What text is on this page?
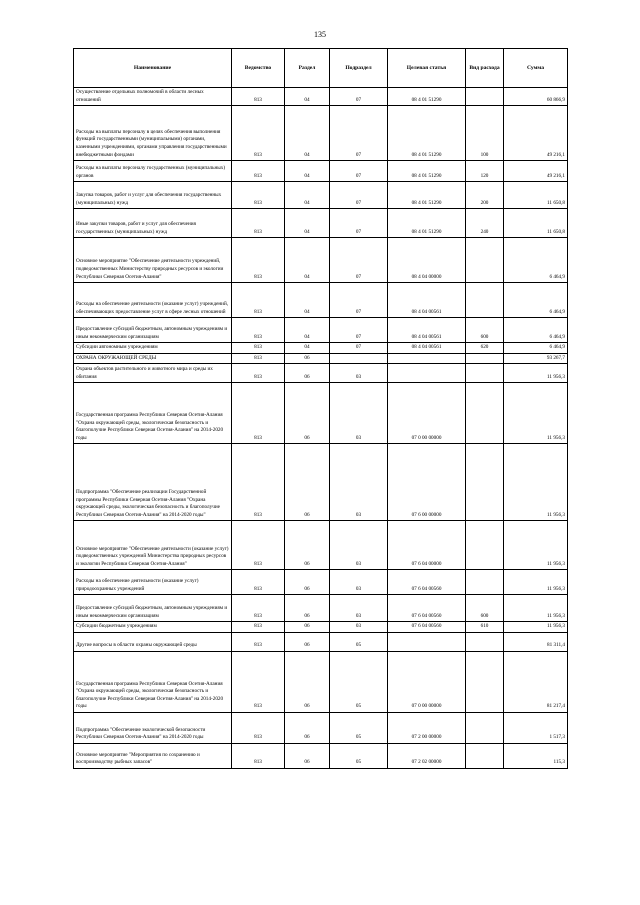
135
Наименование	Ведомство	Раздел	Подраздел	Целевая статья	Вид расхода	Сумма
Осуществление отдельных полномочий в области лесных отношений	813	04	07	08 4 01 51290		60 866,9
Расходы на выплаты персоналу в целях обеспечения выполнения функций государственными (муниципальными) органами, казенными учреждениями, органами управления государственными внебюджетными фондами	813	04	07	08 4 01 51290	100	49 216,1
Расходы на выплаты персоналу государственных (муниципальных) органов	813	04	07	08 4 01 51290	120	49 216,1
Закупка товаров, работ и услуг для обеспечения государственных (муниципальных) нужд	813	04	07	08 4 01 51290	200	11 650,8
Иные закупки товаров, работ и услуг для обеспечения государственных (муниципальных) нужд	813	04	07	08 4 01 51290	240	11 650,8
Основное мероприятие "Обеспечение деятельности учреждений, подведомственных Министерству природных ресурсов и экологии Республики Северная Осетия-Алания"	813	04	07	08 4 04 00000		6 464,9
Расходы на обеспечение деятельности (оказание услуг) учреждений, обеспечивающих предоставление услуг в сфере лесных отношений	813	04	07	08 4 04 00561		6 464,9
Предоставление субсидий бюджетным, автономным учреждениям и иным некоммерческим организациям	813	04	07	08 4 04 00561	600	6 464,9
Субсидии автономным учреждениям	813	04	07	08 4 04 00561	620	6 464,9
ОХРАНА ОКРУЖАЮЩЕЙ СРЕДЫ	813	06				93 267,7
Охрана объектов растительного и животного мира и среды их обитания	813	06	03			11 956,3
Государственная программа Республики Северная Осетия-Алания "Охрана окружающей среды, экологическая безопасность и благополучие Республики Северная Осетия-Алания" на 2014-2020 годы	813	06	03	07 0 00 00000		11 956,3
Подпрограмма "Обеспечение реализации Государственной программы Республики Северная Осетия-Алания "Охрана окружающей среды, экологическая безопасность и благополучие Республики Северная Осетия-Алания" на 2014-2020 годы"	813	06	03	07 6 00 00000		11 956,3
Основное мероприятие "Обеспечение деятельности (оказание услуг) подведомственных учреждений Министерства природных ресурсов и экологии Республики Северная Осетия-Алания"	813	06	03	07 6 04 00000		11 956,3
Расходы на обеспечение деятельности (оказание услуг) природоохранных учреждений	813	06	03	07 6 04 00560		11 956,3
Предоставление субсидий бюджетным, автономным учреждениям и иным некоммерческим организациям	813	06	03	07 6 04 00560	600	11 956,3
Субсидии бюджетным учреждениям	813	06	03	07 6 04 00560	610	11 956,3
Другие вопросы в области охраны окружающей среды	813	06	05			81 311,4
Государственная программа Республики Северная Осетия-Алания "Охрана окружающей среды, экологическая безопасность и благополучие Республики Северная Осетия-Алания" на 2014-2020 годы	813	06	05	07 0 00 00000		81 217,4
Подпрограмма "Обеспечение экологической безопасности Республики Северная Осетия-Алания" на 2014-2020 годы	813	06	05	07 2 00 00000		1 517,3
Основное мероприятие "Мероприятия по сохранению и воспроизводству рыбных запасов"	813	06	05	07 2 02 00000		115,3
